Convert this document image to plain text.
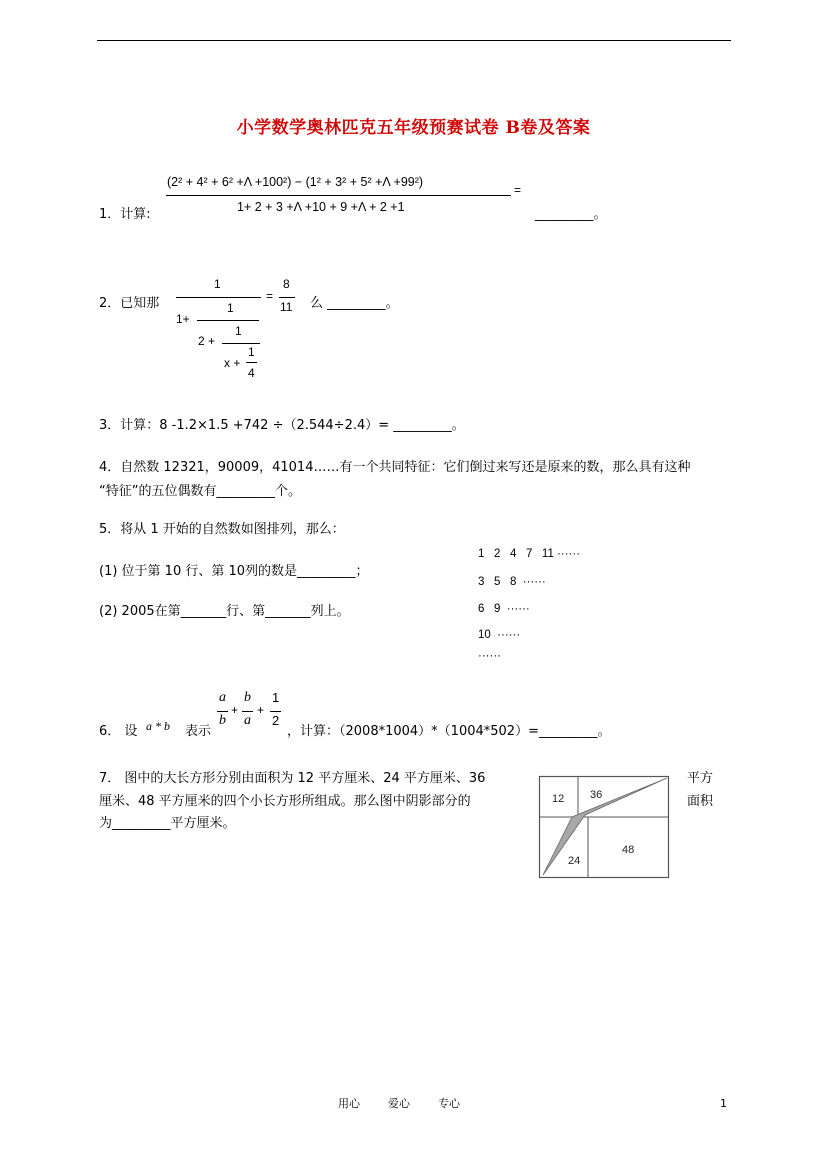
小学数学奥林匹克五年级预赛试卷 B卷及答案
(2² + 4² + 6² +Λ +100²) − (1² + 3² + 5² +Λ +99²)
1+ 2 + 3 +Λ +10 + 9 +Λ + 2 +1
=
1．计算:	_________。
2．已知那
1
1+
1
2 +
1
x +
1
4
=
8
11 么 _________。
3．计算：8 -1.2×1.5 +742 ÷（2.544÷2.4）= _________。
4．自然数 12321，90009，41014……有一个共同特征：它们倒过来写还是原来的数，那么具有这种
“特征”的五位偶数有_________个。
5．将从 1 开始的自然数如图排列，那么：
(1) 位于第 10 行、第 10列的数是_________；
(2) 2005在第_______行、第_______列上。
1   2   4   7   11 ······
3   5   8  ······
6   9  ······
10  ······
······
6． 设 a * b 表示
a
b
+
b
a
+
1
2
，计算：（2008*1004）*（1004*502）=_________。
7． 图中的大长方形分别由面积为 12 平方厘米、24 平方厘米、36	平方
厘米、48 平方厘米的四个小长方形所组成。那么图中阴影部分的	面积
为_________平方厘米。
12 36
24
48
用心	爱心	专心	1
